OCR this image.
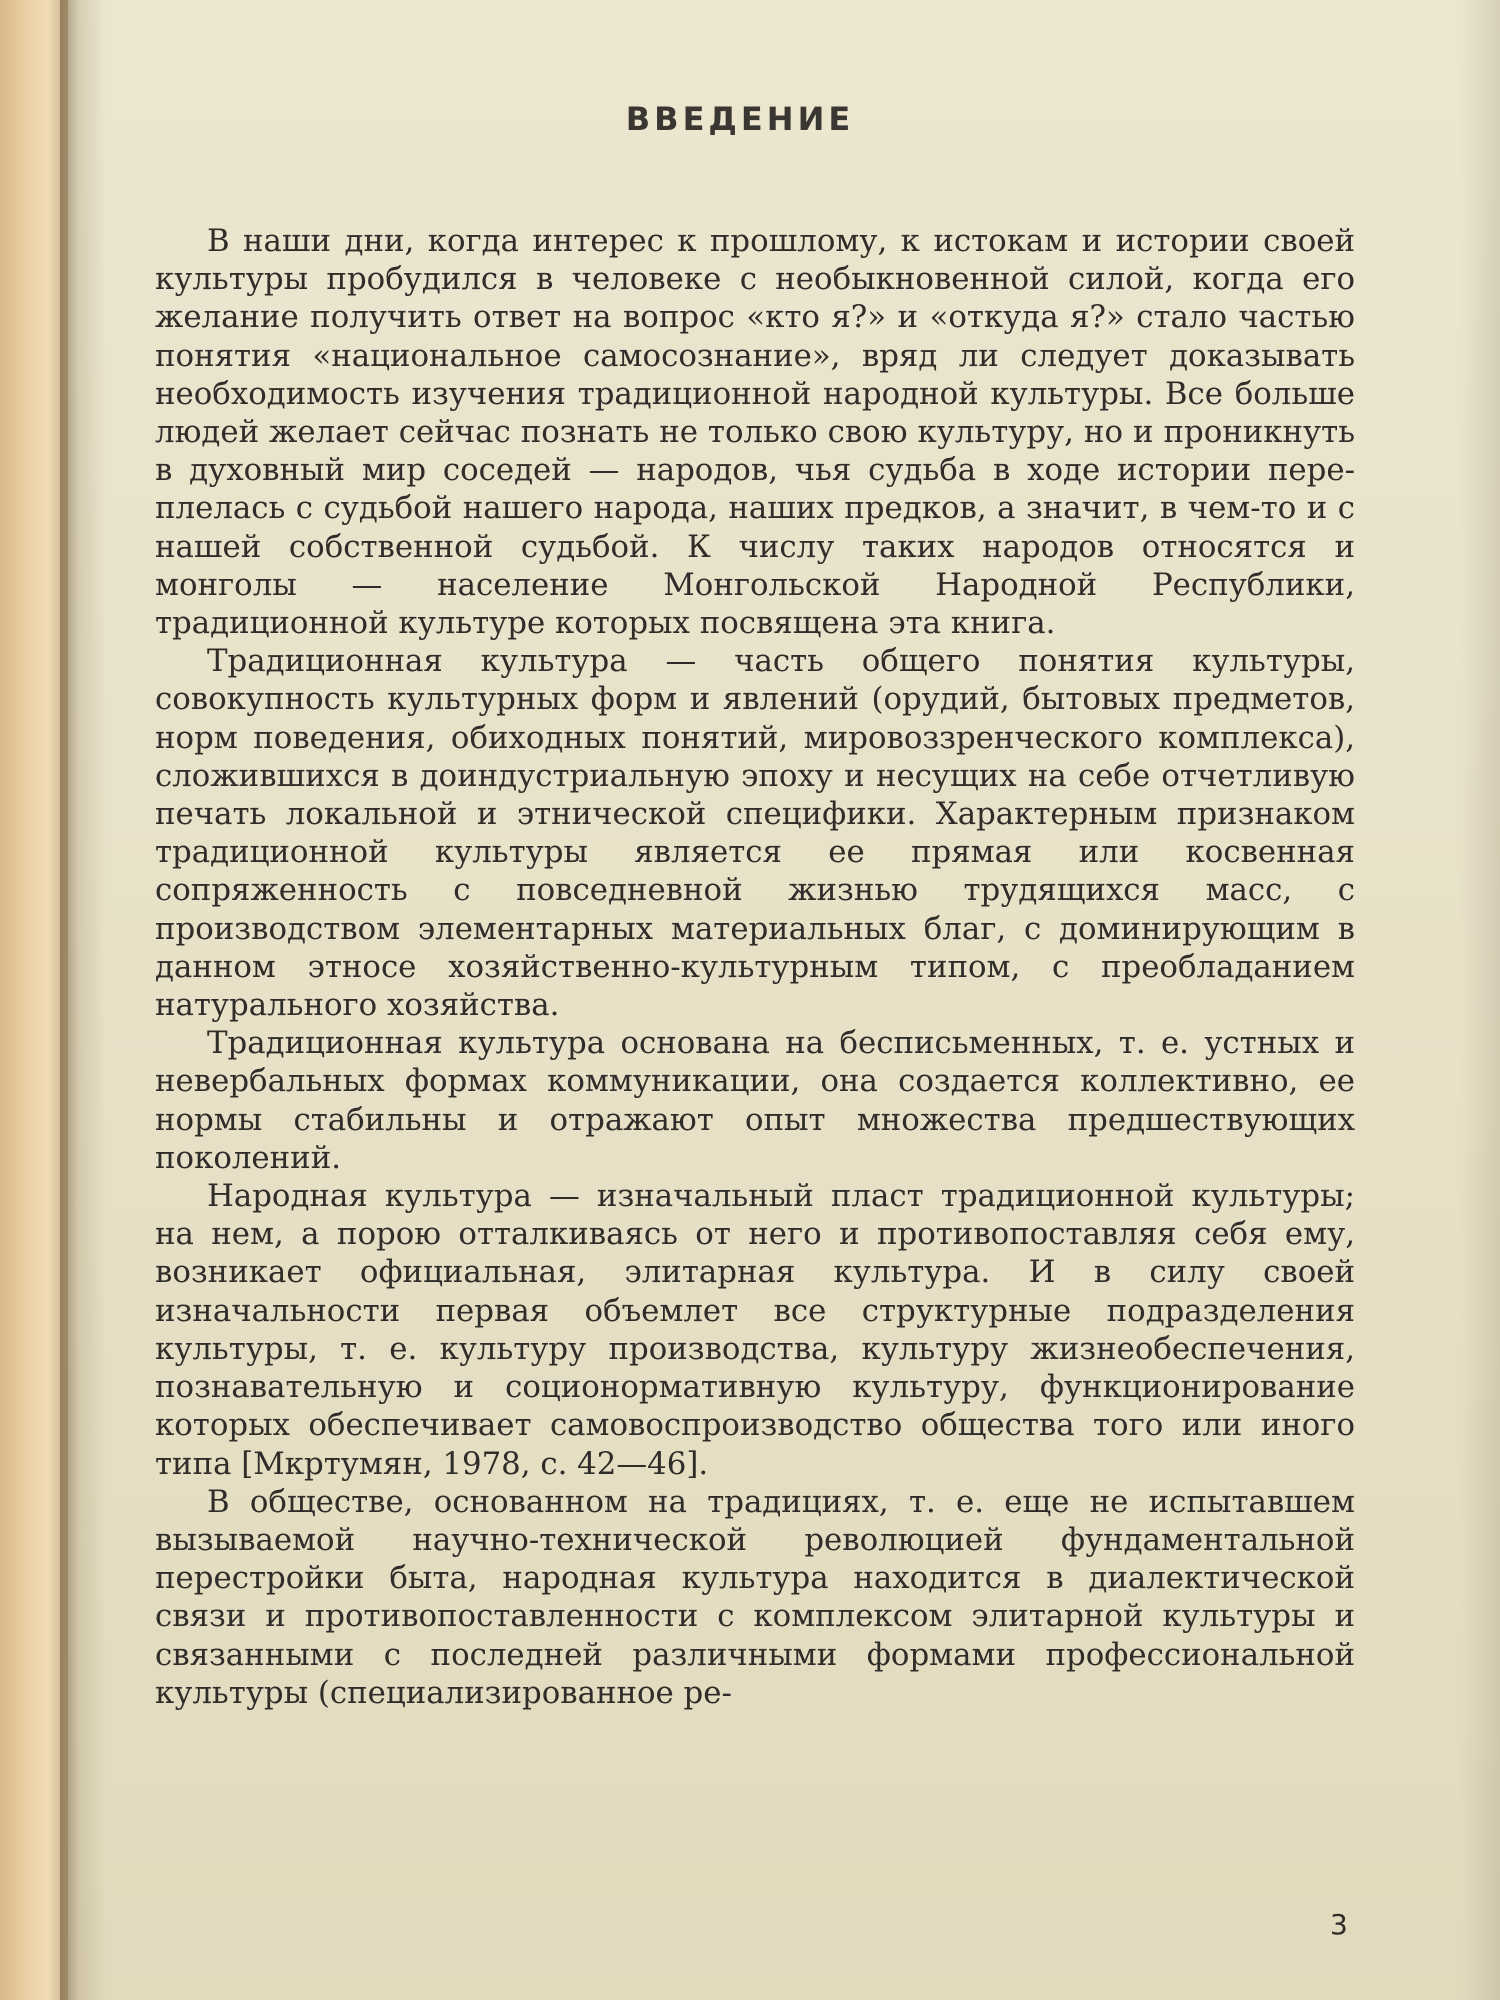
ВВЕДЕНИЕ

В наши дни, когда интерес к прошлому, к истокам и истории своей культуры пробудился в человеке с необыкновенной силой, когда его желание получить ответ на вопрос «кто я?» и «откуда я?» стало частью понятия «национальное самосознание», вряд ли следует доказывать необходимость изучения традиционной народной культуры. Все больше людей желает сейчас познать не только свою культуру, но и проникнуть в духовный мир соседей — народов, чья судьба в ходе истории переплелась с судьбой нашего народа, наших предков, а значит, в чем-то и с нашей собственной судьбой. К числу таких народов относятся и монголы — население Монгольской Народной Республики, традиционной культуре которых посвящена эта книга.

Традиционная культура — часть общего понятия культуры, совокупность культурных форм и явлений (орудий, бытовых предметов, норм поведения, обиходных понятий, мировоззренческого комплекса), сложившихся в доиндустриальную эпоху и несущих на себе отчетливую печать локальной и этнической специфики. Характерным признаком традиционной культуры является ее прямая или косвенная сопряженность с повседневной жизнью трудящихся масс, с производством элементарных материальных благ, с доминирующим в данном этносе хозяйственно-культурным типом, с преобладанием натурального хозяйства.

Традиционная культура основана на бесписьменных, т. е. устных и невербальных формах коммуникации, она создается коллективно, ее нормы стабильны и отражают опыт множества предшествующих поколений.

Народная культура — изначальный пласт традиционной культуры; на нем, а порою отталкиваясь от него и противопоставляя себя ему, возникает официальная, элитарная культура. И в силу своей изначальности первая объемлет все структурные подразделения культуры, т. е. культуру производства, культуру жизнеобеспечения, познавательную и соционормативную культуру, функционирование которых обеспечивает самовоспроизводство общества того или иного типа [Мкртумян, 1978, с. 42—46].

В обществе, основанном на традициях, т. е. еще не испытавшем вызываемой научно-технической революцией фундаментальной перестройки быта, народная культура находится в диалектической связи и противопоставленности с комплексом элитарной культуры и связанными с последней различными формами профессиональной культуры (специализированное ре-

3
